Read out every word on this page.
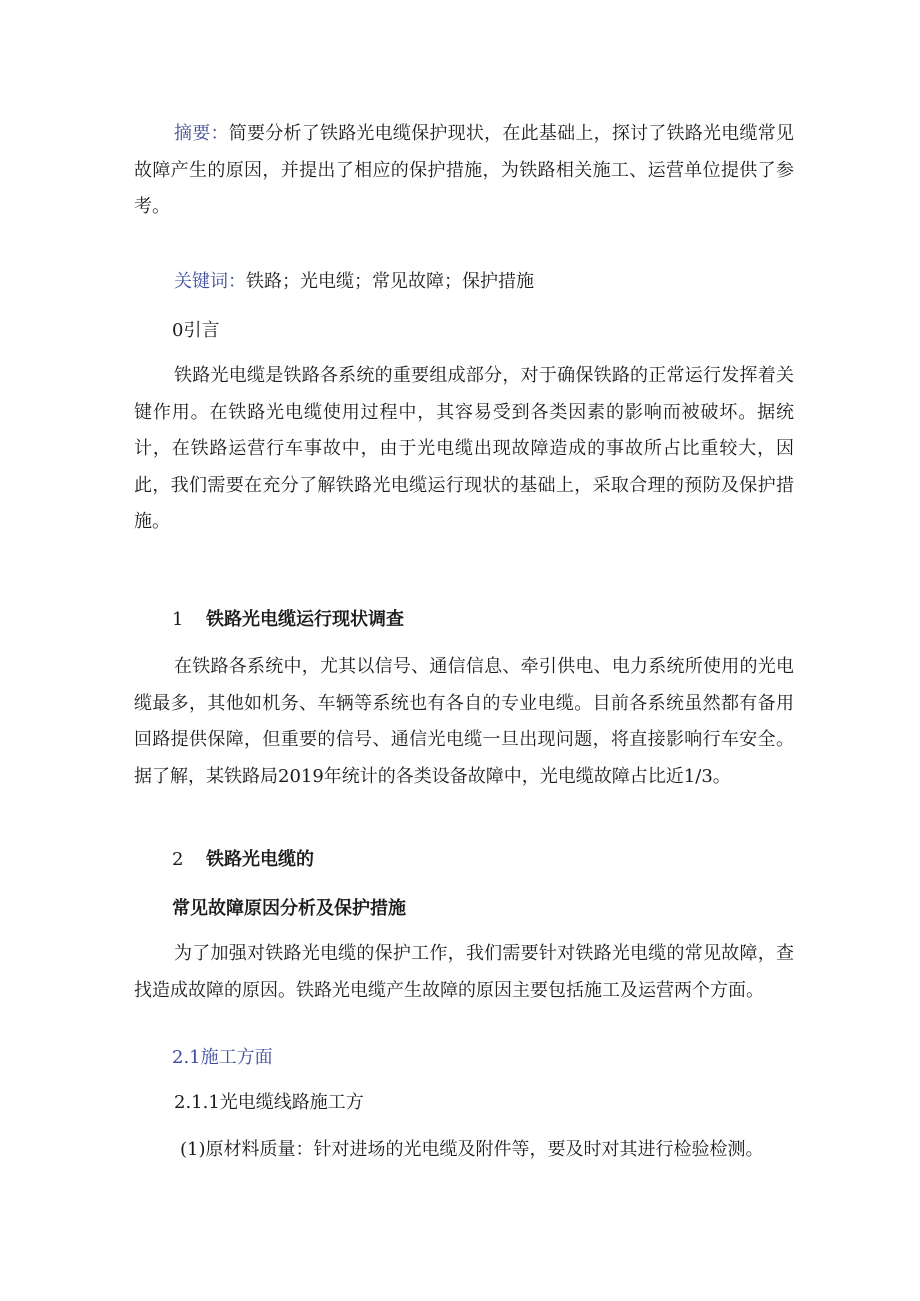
摘要：简要分析了铁路光电缆保护现状，在此基础上，探讨了铁路光电缆常见故障产生的原因，并提出了相应的保护措施，为铁路相关施工、运营单位提供了参考。

关键词：铁路；光电缆；常见故障；保护措施

0引言

铁路光电缆是铁路各系统的重要组成部分，对于确保铁路的正常运行发挥着关键作用。在铁路光电缆使用过程中，其容易受到各类因素的影响而被破坏。据统计，在铁路运营行车事故中，由于光电缆出现故障造成的事故所占比重较大，因此，我们需要在充分了解铁路光电缆运行现状的基础上，采取合理的预防及保护措施。

1 铁路光电缆运行现状调查

在铁路各系统中，尤其以信号、通信信息、牵引供电、电力系统所使用的光电缆最多，其他如机务、车辆等系统也有各自的专业电缆。目前各系统虽然都有备用回路提供保障，但重要的信号、通信光电缆一旦出现问题，将直接影响行车安全。据了解，某铁路局2019年统计的各类设备故障中，光电缆故障占比近1/3。

2 铁路光电缆的

常见故障原因分析及保护措施

为了加强对铁路光电缆的保护工作，我们需要针对铁路光电缆的常见故障，查找造成故障的原因。铁路光电缆产生故障的原因主要包括施工及运营两个方面。

2.1施工方面

2.1.1光电缆线路施工方

(1)原材料质量：针对进场的光电缆及附件等，要及时对其进行检验检测。
